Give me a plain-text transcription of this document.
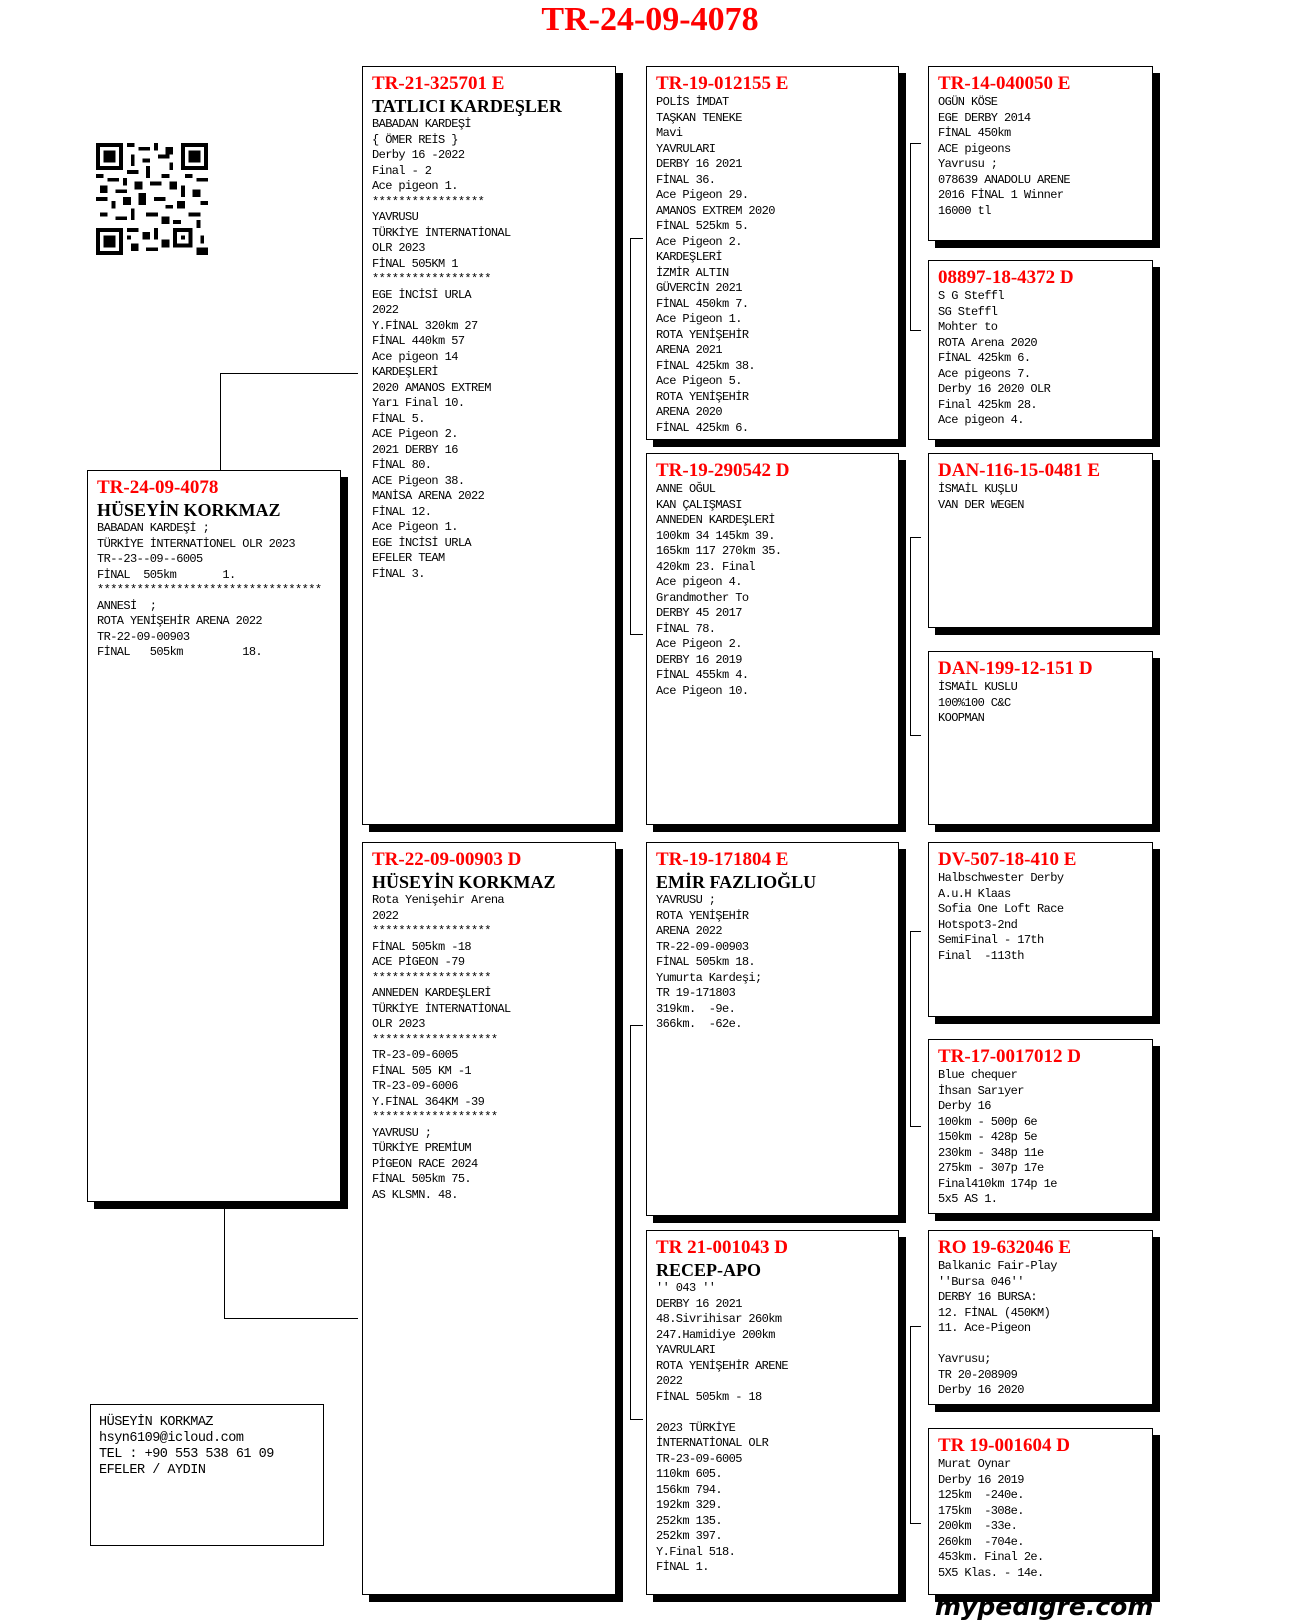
TR-24-09-4078
TR-24-09-4078
HÜSEYİN KORKMAZ
BABADAN KARDEŞİ ;
TÜRKİYE İNTERNATİONEL OLR 2023
TR--23--09--6005
FİNAL  505km       1.
**********************************
ANNESİ  ;
ROTA YENİŞEHİR ARENA 2022
TR-22-09-00903
FİNAL   505km         18.
TR-21-325701 E
TATLICI KARDEŞLER
BABADAN KARDEŞİ
{ ÖMER REİS }
Derby 16 -2022
Final - 2
Ace pigeon 1.
*****************
YAVRUSU
TÜRKİYE İNTERNATİONAL
OLR 2023
FİNAL 505KM 1
******************
EGE İNCİSİ URLA
2022
Y.FİNAL 320km 27
FİNAL 440km 57
Ace pigeon 14
KARDEŞLERİ
2020 AMANOS EXTREM
Yarı Final 10.
FİNAL 5.
ACE Pigeon 2.
2021 DERBY 16
FİNAL 80.
ACE Pigeon 38.
MANİSA ARENA 2022
FİNAL 12.
Ace Pigeon 1.
EGE İNCİSİ URLA
EFELER TEAM
FİNAL 3.
TR-22-09-00903 D
HÜSEYİN KORKMAZ
Rota Yenişehir Arena
2022
******************
FİNAL 505km -18
ACE PİGEON -79
******************
ANNEDEN KARDEŞLERİ
TÜRKİYE İNTERNATİONAL
OLR 2023
*******************
TR-23-09-6005
FİNAL 505 KM -1
TR-23-09-6006
Y.FİNAL 364KM -39
*******************
YAVRUSU ;
TÜRKİYE PREMİUM
PİGEON RACE 2024
FİNAL 505km 75.
AS KLSMN. 48.
TR-19-012155 E
POLİS İMDAT
TAŞKAN TENEKE
Mavi
YAVRULARI
DERBY 16 2021
FİNAL 36.
Ace Pigeon 29.
AMANOS EXTREM 2020
FİNAL 525km 5.
Ace Pigeon 2.
KARDEŞLERİ
İZMİR ALTIN
GÜVERCİN 2021
FİNAL 450km 7.
Ace Pigeon 1.
ROTA YENİŞEHİR
ARENA 2021
FİNAL 425km 38.
Ace Pigeon 5.
ROTA YENİŞEHİR
ARENA 2020
FİNAL 425km 6.
TR-19-290542 D
ANNE OĞUL
KAN ÇALIŞMASI
ANNEDEN KARDEŞLERİ
100km 34 145km 39.
165km 117 270km 35.
420km 23. Final
Ace pigeon 4.
Grandmother To
DERBY 45 2017
FİNAL 78.
Ace Pigeon 2.
DERBY 16 2019
FİNAL 455km 4.
Ace Pigeon 10.
TR-19-171804 E
EMİR FAZLIOĞLU
YAVRUSU ;
ROTA YENİŞEHİR
ARENA 2022
TR-22-09-00903
FİNAL 505km 18.
Yumurta Kardeşi;
TR 19-171803
319km.  -9e.
366km.  -62e.
TR 21-001043 D
RECEP-APO
'' 043 ''
DERBY 16 2021
48.Sivrihisar 260km
247.Hamidiye 200km
YAVRULARI
ROTA YENİŞEHİR ARENE
2022
FİNAL 505km - 18
2023 TÜRKİYE
İNTERNATİONAL OLR
TR-23-09-6005
110km 605.
156km 794.
192km 329.
252km 135.
252km 397.
Y.Final 518.
FİNAL 1.
TR-14-040050 E
OGÜN KÖSE
EGE DERBY 2014
FİNAL 450km
ACE pigeons
Yavrusu ;
078639 ANADOLU ARENE
2016 FİNAL 1 Winner
16000 tl
08897-18-4372 D
S G Steffl
SG Steffl
Mohter to
ROTA Arena 2020
FİNAL 425km 6.
Ace pigeons 7.
Derby 16 2020 OLR
Final 425km 28.
Ace pigeon 4.
DAN-116-15-0481 E
İSMAİL KUŞLU
VAN DER WEGEN
DAN-199-12-151 D
İSMAİL KUSLU
100%100 C&C
KOOPMAN
DV-507-18-410 E
Halbschwester Derby
A.u.H Klaas
Sofia One Loft Race
Hotspot3-2nd
SemiFinal - 17th
Final  -113th
TR-17-0017012 D
Blue chequer
İhsan Sarıyer
Derby 16
100km - 500p 6e
150km - 428p 5e
230km - 348p 11e
275km - 307p 17e
Final410km 174p 1e
5x5 AS 1.
RO 19-632046 E
Balkanic Fair-Play
''Bursa 046''
DERBY 16 BURSA:
12. FİNAL (450KM)
11. Ace-Pigeon
Yavrusu;
TR 20-208909
Derby 16 2020
TR 19-001604 D
Murat Oynar
Derby 16 2019
125km  -240e.
175km  -308e.
200km  -33e.
260km  -704e.
453km. Final 2e.
5X5 Klas. - 14e.
HÜSEYİN KORKMAZ
hsyn6109@icloud.com
TEL : +90 553 538 61 09
EFELER / AYDIN
mypedigre.com
